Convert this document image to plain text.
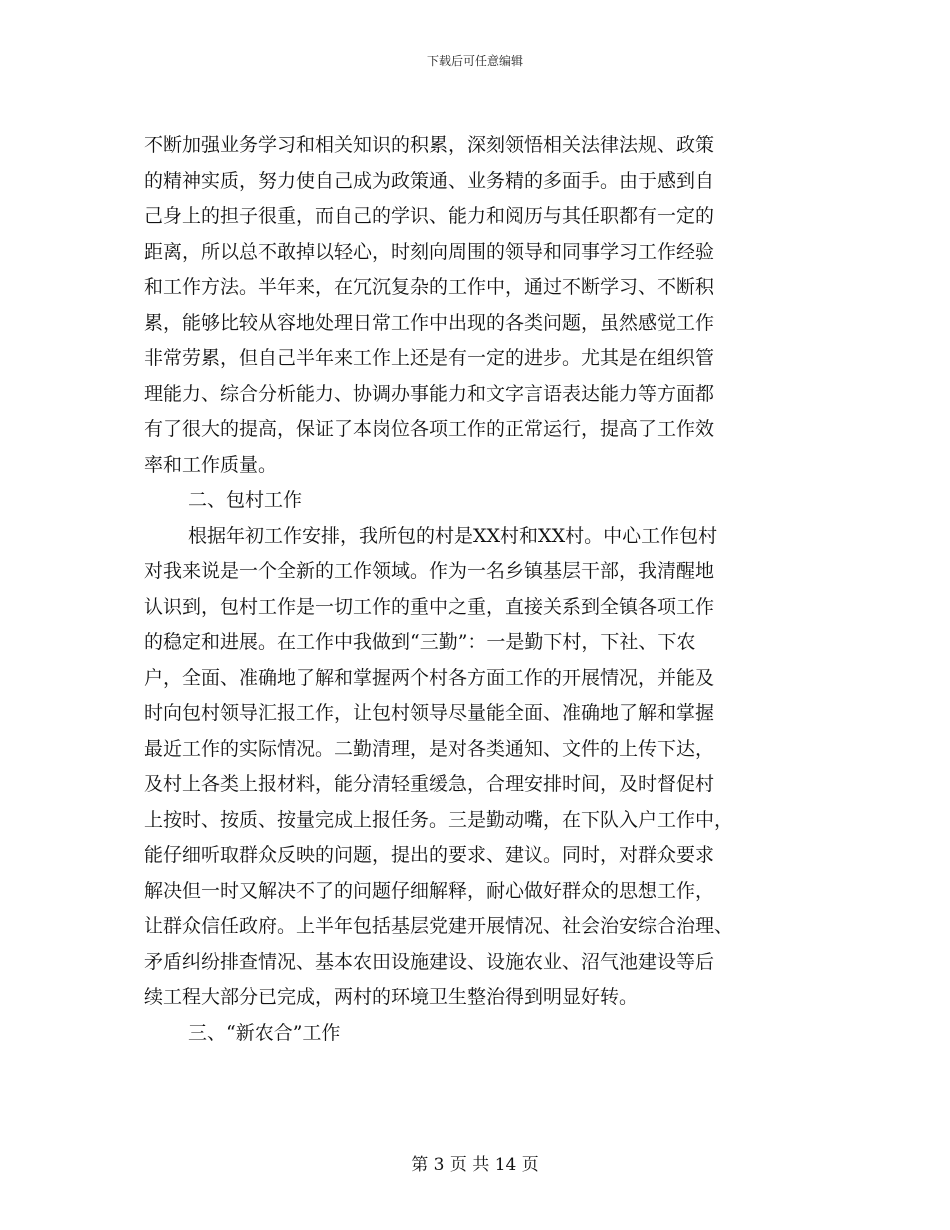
下载后可任意编辑
不断加强业务学习和相关知识的积累，深刻领悟相关法律法规、政策
的精神实质，努力使自己成为政策通、业务精的多面手。由于感到自
己身上的担子很重，而自己的学识、能力和阅历与其任职都有一定的
距离，所以总不敢掉以轻心，时刻向周围的领导和同事学习工作经验
和工作方法。半年来，在冗沉复杂的工作中，通过不断学习、不断积
累，能够比较从容地处理日常工作中出现的各类问题，虽然感觉工作
非常劳累，但自己半年来工作上还是有一定的进步。尤其是在组织管
理能力、综合分析能力、协调办事能力和文字言语表达能力等方面都
有了很大的提高，保证了本岗位各项工作的正常运行，提高了工作效
率和工作质量。
二、包村工作
根据年初工作安排，我所包的村是XX村和XX村。中心工作包村
对我来说是一个全新的工作领域。作为一名乡镇基层干部，我清醒地
认识到，包村工作是一切工作的重中之重，直接关系到全镇各项工作
的稳定和进展。在工作中我做到“三勤”：一是勤下村，下社、下农
户，全面、准确地了解和掌握两个村各方面工作的开展情况，并能及
时向包村领导汇报工作，让包村领导尽量能全面、准确地了解和掌握
最近工作的实际情况。二勤清理，是对各类通知、文件的上传下达，
及村上各类上报材料，能分清轻重缓急，合理安排时间，及时督促村
上按时、按质、按量完成上报任务。三是勤动嘴，在下队入户工作中，
能仔细听取群众反映的问题，提出的要求、建议。同时，对群众要求
解决但一时又解决不了的问题仔细解释，耐心做好群众的思想工作，
让群众信任政府。上半年包括基层党建开展情况、社会治安综合治理、
矛盾纠纷排查情况、基本农田设施建设、设施农业、沼气池建设等后
续工程大部分已完成，两村的环境卫生整治得到明显好转。
三、“新农合”工作
第 3 页 共 14 页
